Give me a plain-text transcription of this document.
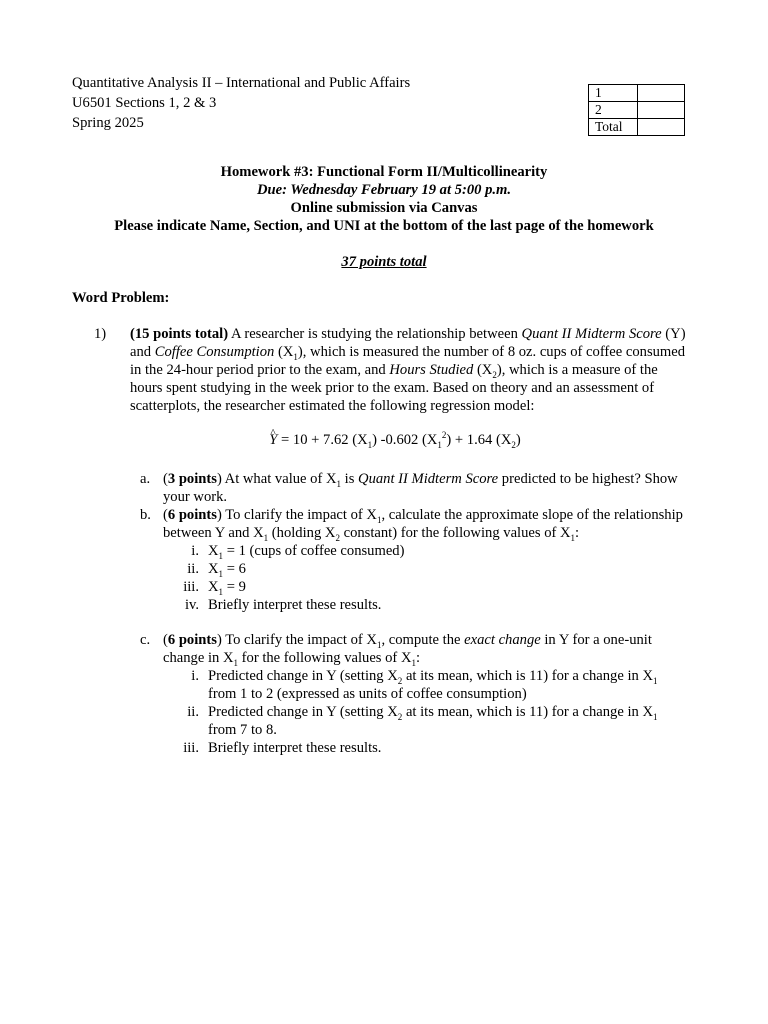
Quantitative Analysis II – International and Public Affairs
U6501 Sections 1, 2 & 3
Spring 2025
1	
2	
Total	
Homework #3: Functional Form II/Multicollinearity
Due: Wednesday February 19 at 5:00 p.m.
Online submission via Canvas
Please indicate Name, Section, and UNI at the bottom of the last page of the homework
37 points total
Word Problem:
1) (15 points total) A researcher is studying the relationship between Quant II Midterm Score (Y) and Coffee Consumption $(X_1)$, which is measured the number of 8 oz. cups of coffee consumed in the 24-hour period prior to the exam, and Hours Studied $(X_2)$, which is a measure of the hours spent studying in the week prior to the exam. Based on theory and an assessment of scatterplots, the researcher estimated the following regression model:

^ Y = 10 + 7.62 $(X_1)$ -0.602 $(X_1^2) + 1.64$ $(X_2)$
a. (3 points) At what value of $X_1$ is Quant II Midterm Score predicted to be highest? Show your work.
b. (6 points) To clarify the impact of $X_1$, calculate the approximate slope of the relationship between Y and $X_1$ (holding $X_2$ constant) for the following values of $X_1$:
i. $X_1 = 1$ (cups of coffee consumed)
ii. $X_1 = 6$
iii. $X_1 = 9$
iv. Briefly interpret these results.
c. (6 points) To clarify the impact of $X_1$, compute the exact change in Y for a one-unit change in $X_1$ for the following values of $X_1$:
i. Predicted change in Y (setting $X_2$ at its mean, which is 11) for a change in $X_1$ from 1 to 2 (expressed as units of coffee consumption)
ii. Predicted change in Y (setting $X_2$ at its mean, which is 11) for a change in $X_1$ from 7 to 8.
iii. Briefly interpret these results.
